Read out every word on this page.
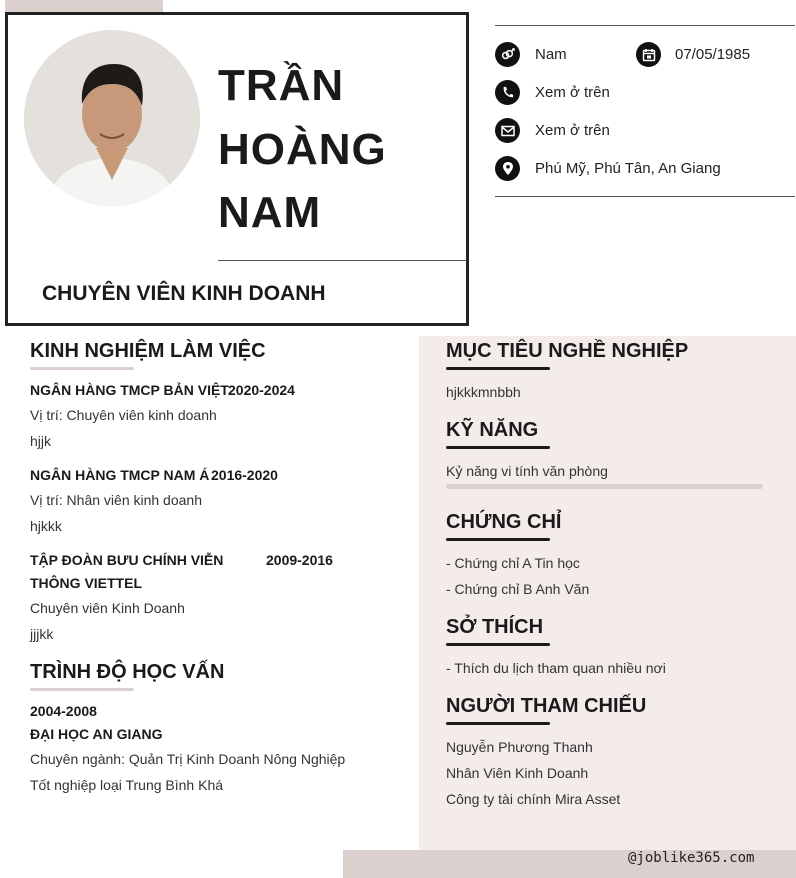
TRẦN
HOÀNG
NAM
CHUYÊN VIÊN KINH DOANH
Nam	07/05/1985
Xem ở trên
Xem ở trên
Phú Mỹ, Phú Tân, An Giang
@joblike365.com
KINH NGHIỆM LÀM VIỆC
NGÂN HÀNG TMCP BẢN VIỆT 2020-2024
Vị trí: Chuyên viên kinh doanh
hjjk
NGÂN HÀNG TMCP NAM Á 2016-2020
Vị trí: Nhân viên kinh doanh
hjkkk
TẬP ĐOÀN BƯU CHÍNH VIỄN
THÔNG VIETTEL
2009-2016
Chuyên viên Kinh Doanh
jjjkk
TRÌNH ĐỘ HỌC VẤN
2004-2008
ĐẠI HỌC AN GIANG
Chuyên ngành: Quản Trị Kinh Doanh Nông Nghiệp
Tốt nghiệp loại Trung Bình Khá
MỤC TIÊU NGHỀ NGHIỆP
hjkkkmnbbh
KỸ NĂNG
Kỷ năng vi tính văn phòng
CHỨNG CHỈ
- Chứng chỉ A Tin học
- Chứng chỉ B Anh Văn
SỞ THÍCH
- Thích du lịch tham quan nhiều nơi
NGƯỜI THAM CHIẾU
Nguyễn Phương Thanh
Nhân Viên Kinh Doanh
Công ty tài chính Mira Asset
